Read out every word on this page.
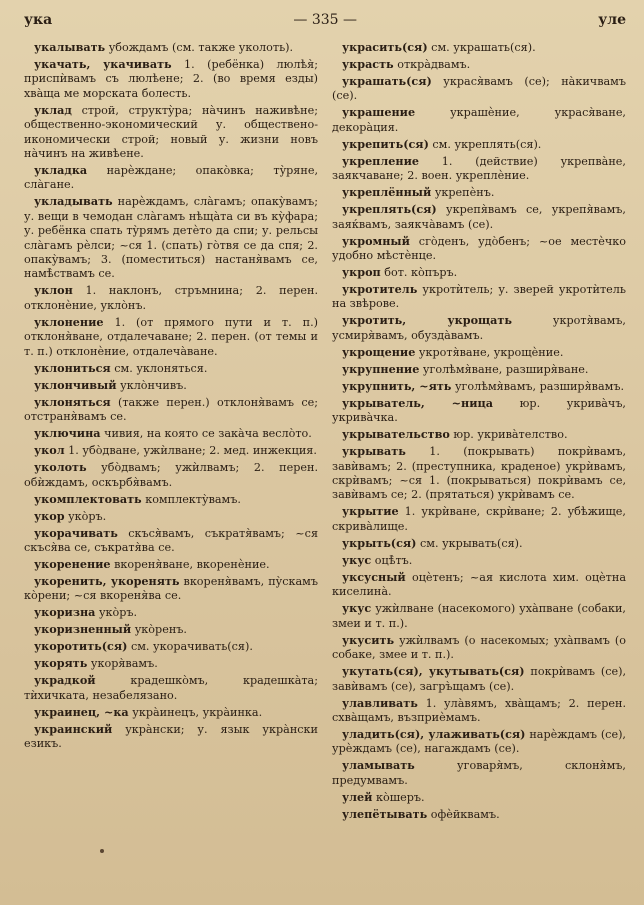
ука	— 335 —	уле

укалывать убождамъ (см. также уколоть).

укачать, укачивать 1. (ребёнка) люлѣя̀; приспѝвамъ съ люлѣене; 2. (во время езды) хва̀ща ме морската болесть.

уклад строй, структу̀ра; на̀чинъ наживѣне; общественно-экономический у. обществено-икономически строй; новый у. жизни новъ на̀чинъ на живѣене.

укладка нарѐждане; опако̀вка; ту̀ряне, сла̀гане.

укладывать нарѐждамъ, сла̀гамъ; опаку̀вамъ; у. вещи в чемодан сла̀гамъ нѣща̀та си въ ку̀фара; у. ребёнка спать ту̀рямъ детѐто да спи; у. рельсы сла̀гамъ рѐлси; ~ся 1. (спать) го̀твя се да спя; 2. опаку̀вамъ; 3. (поместиться) настаня̀вамъ се, намѣ̀ствамъ се.

уклон 1. наклонъ, стръмнина; 2. перен. отклонѐние, укло̀нъ.

уклонение 1. (от прямого пути и т. п.) отклоня̀ване, отдалечаване; 2. перен. (от темы и т. п.) отклонѐние, отдалеча̀ване.

уклониться см. уклоняться.

уклончивый укло̀нчивъ.

уклоняться (также перен.) отклоня̀вамъ се; отстраня̀вамъ се.

уключина чивия, на която се зака̀ча весло̀то.

укол 1. убо̀дване, ужѝлване; 2. мед. инжекция.

уколоть убо̀двамъ; ужѝлвамъ; 2. перен. обѝждамъ, оскърбя̀вамъ.

укомплектовать комплекту̀вамъ.

укор уко̀ръ.

укорачивать скъся̀вамъ, съкратя̀вамъ; ~ся скъся̀ва се, съкратя̀ва се.

укоренение вкореня̀ване, вкоренѐние.

укоренить, укоренять вкореня̀вамъ, пу̀скамъ ко̀рени; ~ся вкореня̀ва се.

укоризна уко̀ръ.

укоризненный уко̀ренъ.

укоротить(ся) см. укорачивать(ся).

укорять укоря̀вамъ.

украдкой крадешко̀мъ, крадешка̀та; тѝхичката, незабелязано.

украинец, ~ка укра̀инецъ, укра̀инка.

украинский укра̀нски; у. язык укра̀нски езикъ.

украсить(ся) см. украшать(ся).

украсть откра̀двамъ.

украшать(ся) украся̀вамъ (се); на̀кичвамъ (се).

украшение украшѐние, украся̀ване, декора̀ция.

укрепить(ся) см. укреплять(ся).

укрепление 1. (действие) укрепва̀не, заякчаване; 2. воен. укреплѐние.

укреплённый укрепѐнъ.

укреплять(ся) укрепя̀вамъ се, укрепя̀вамъ, заяќвамъ, заякча̀вамъ (се).

укромный сго̀денъ, удо̀бенъ; ~ое местѐчко удобно мѣстѐнце.

укроп бот. ко̀пъръ.

укротитель укротѝтель; у. зверей укротѝтель на звѣрове.

укротить, укрощать укротя̀вамъ, усмиря̀вамъ, обузда̀вамъ.

укрощение укротя̀ване, укрощѐние.

укрупнение уголѣмя̀ване, разширя̀ване.

укрупнить, ~ять уголѣмя̀вамъ, разширя̀вамъ.

укрыватель, ~ница юр. укрива̀чъ, укрива̀чка.

укрывательство юр. укрива̀телство.

укрывать 1. (покрывать) покрѝвамъ, завѝвамъ; 2. (преступника, краденое) укрѝвамъ, скрѝвамъ; ~ся 1. (покрываться) покрѝвамъ се, завѝвамъ се; 2. (прятаться) укрѝвамъ се.

укрытие 1. укрѝване, скрѝване; 2. убѣжище, скрива̀лище.

укрыть(ся) см. укрывать(ся).

укус оцѣ̀тъ.

уксусный оцѐтенъ; ~ая кислота хим. оцѐтна киселина̀.

укус ужѝлване (насекомого) уха̀пване (собаки, змеи и т. п.).

укусить ужѝлвамъ (о насекомых; уха̀пвамъ (о собаке, змее и т. п.).

укутать(ся), укутывать(ся) покрѝвамъ (се), завѝвамъ (се), загръ̀щамъ (се).

улавливать 1. ула̀вямъ, хва̀щамъ; 2. перен. схва̀щамъ, възприѐмамъ.

уладить(ся), улаживать(ся) нарѐждамъ (се), урѐждамъ (се), нагаждамъ (се).

уламывать уговаря̀мъ, склоня̀мъ, предумвамъ.

улей ко̀шеръ.

улепётывать офѐйквамъ.
